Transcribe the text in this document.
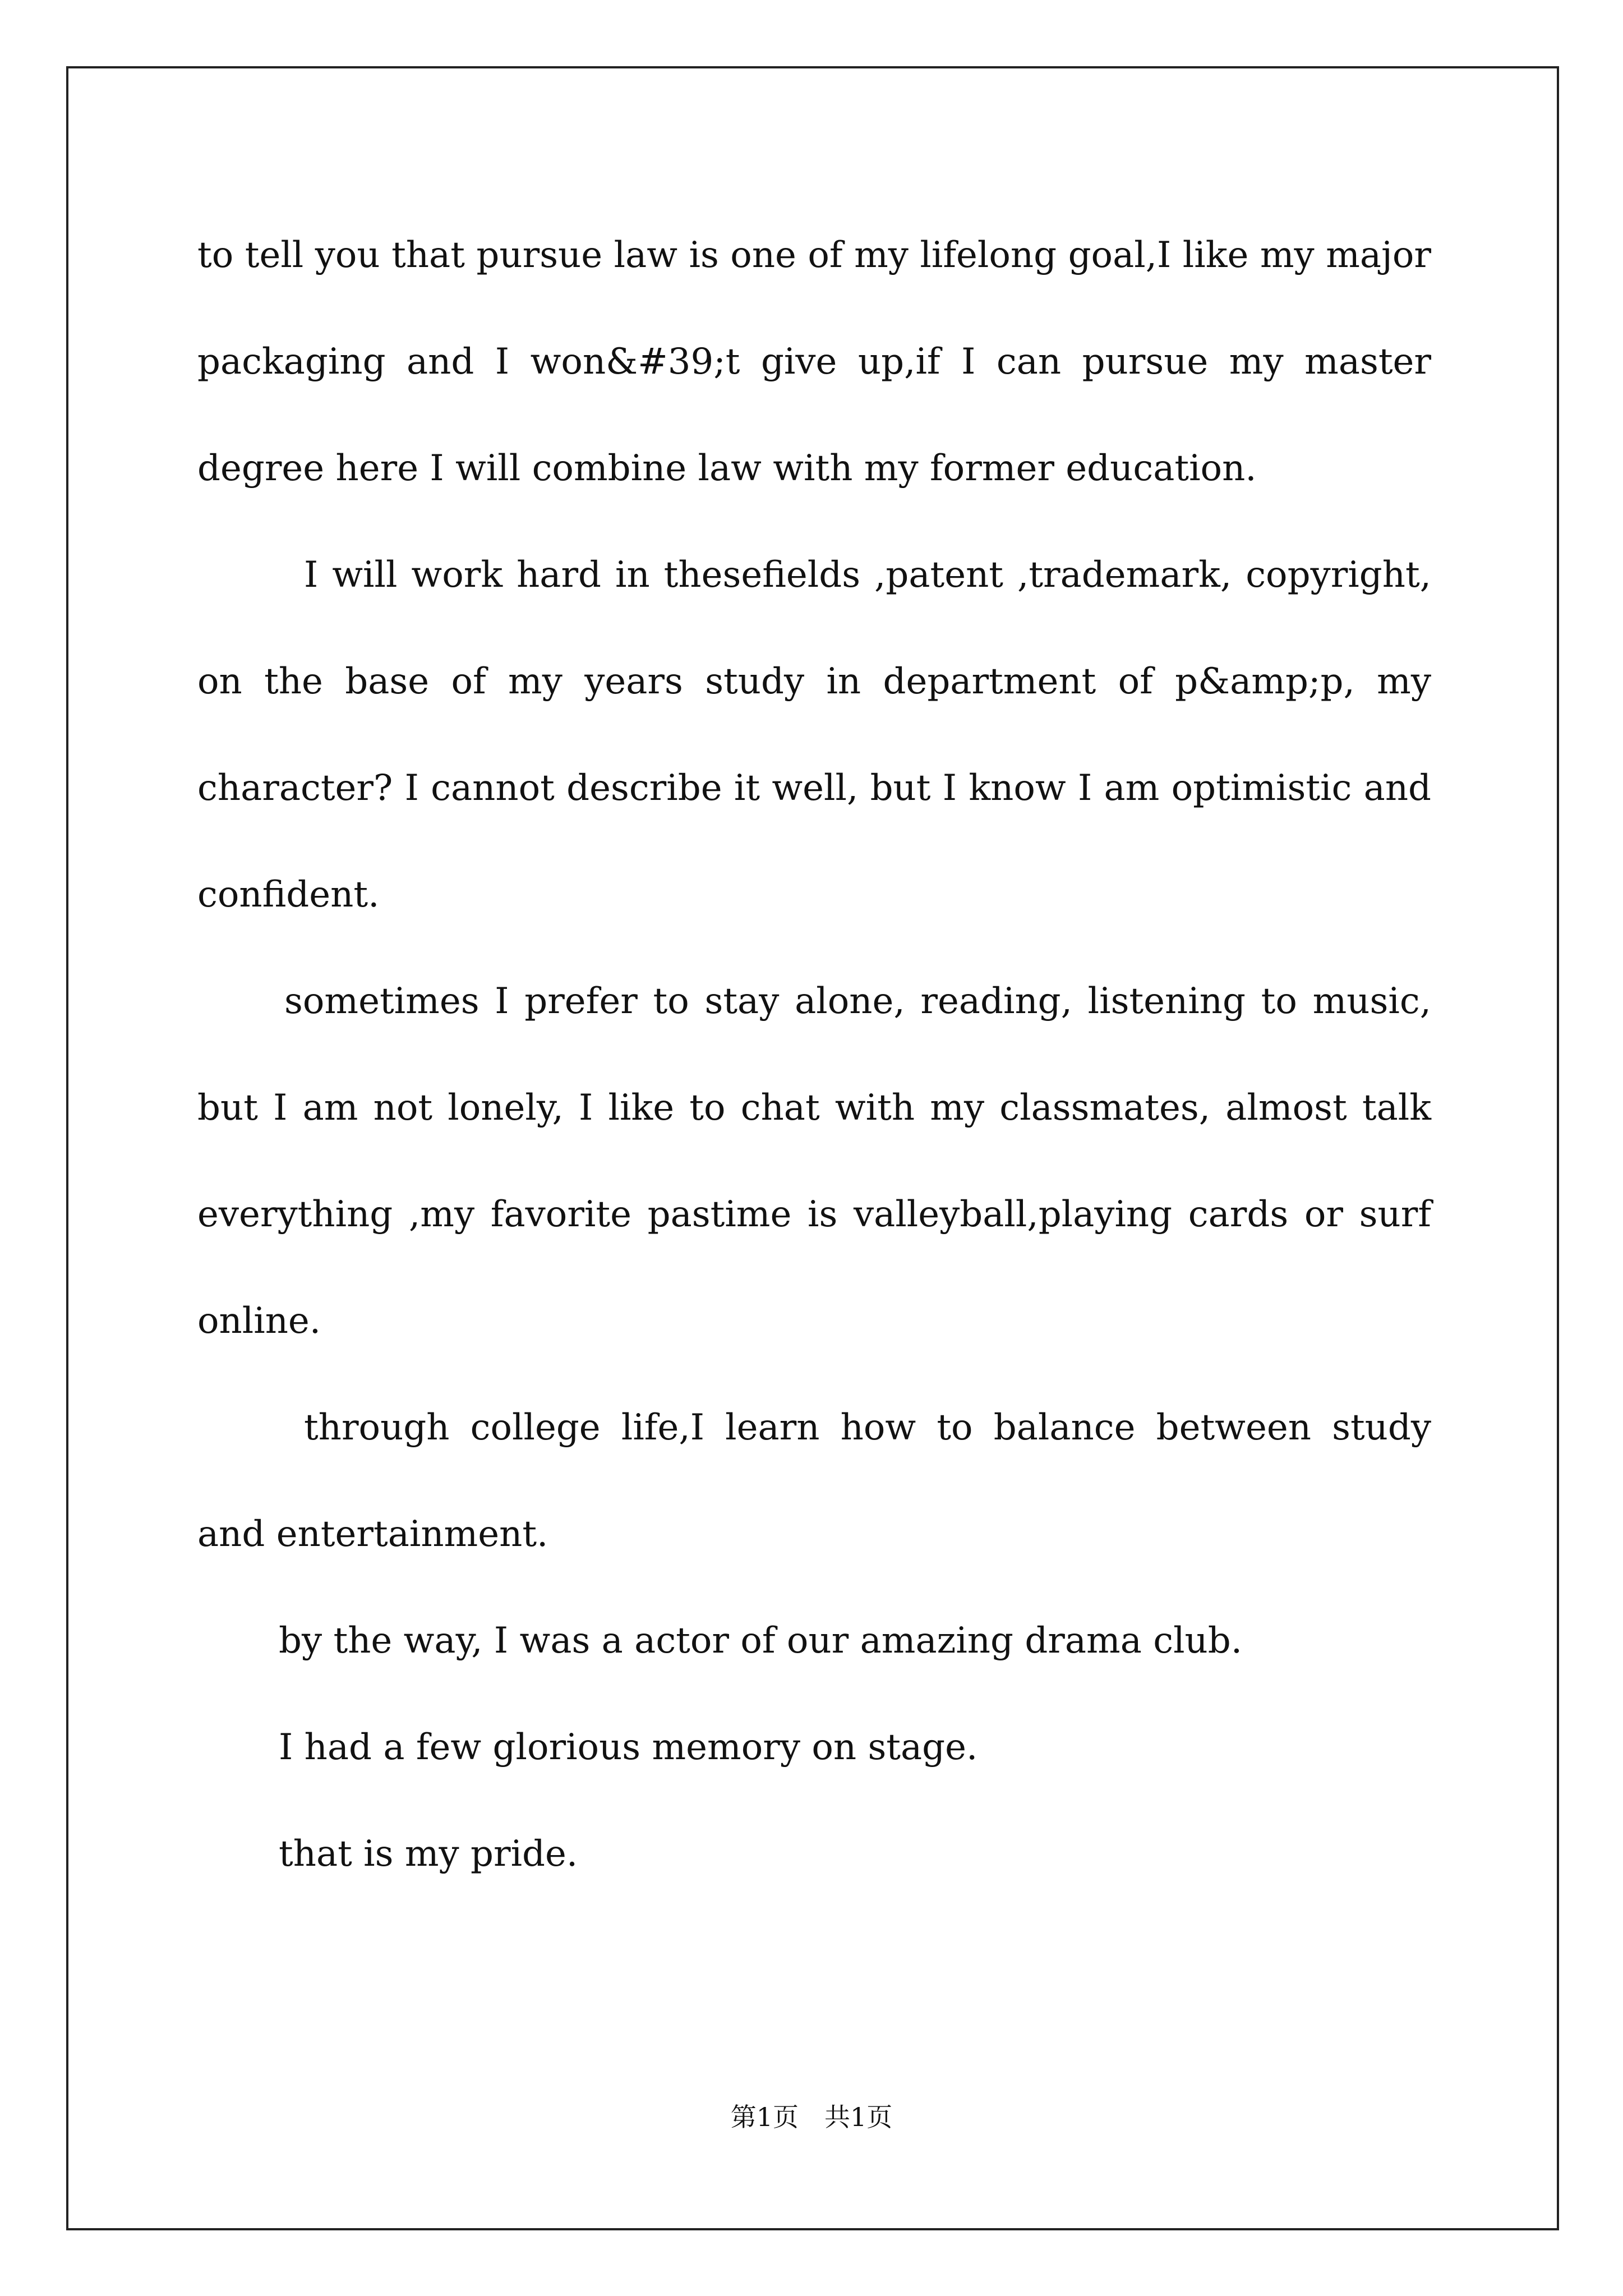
to tell you that pursue law is one of my lifelong goal,I like my major packaging and I won&#39;t give up,if I can pursue my master degree here I will combine law with my former education.

I will work hard in thesefields ,patent ,trademark, copyright, on the base of my years study in department of p&amp;p, my character? I cannot describe it well, but I know I am optimistic and confident.

sometimes I prefer to stay alone, reading, listening to music, but I am not lonely, I like to chat with my classmates, almost talk everything ,my favorite pastime is valleyball,playing cards or surf online.

through college life,I learn how to balance between study and entertainment.

by the way, I was a actor of our amazing drama club.

I had a few glorious memory on stage.

that is my pride.

第1页　共1页
